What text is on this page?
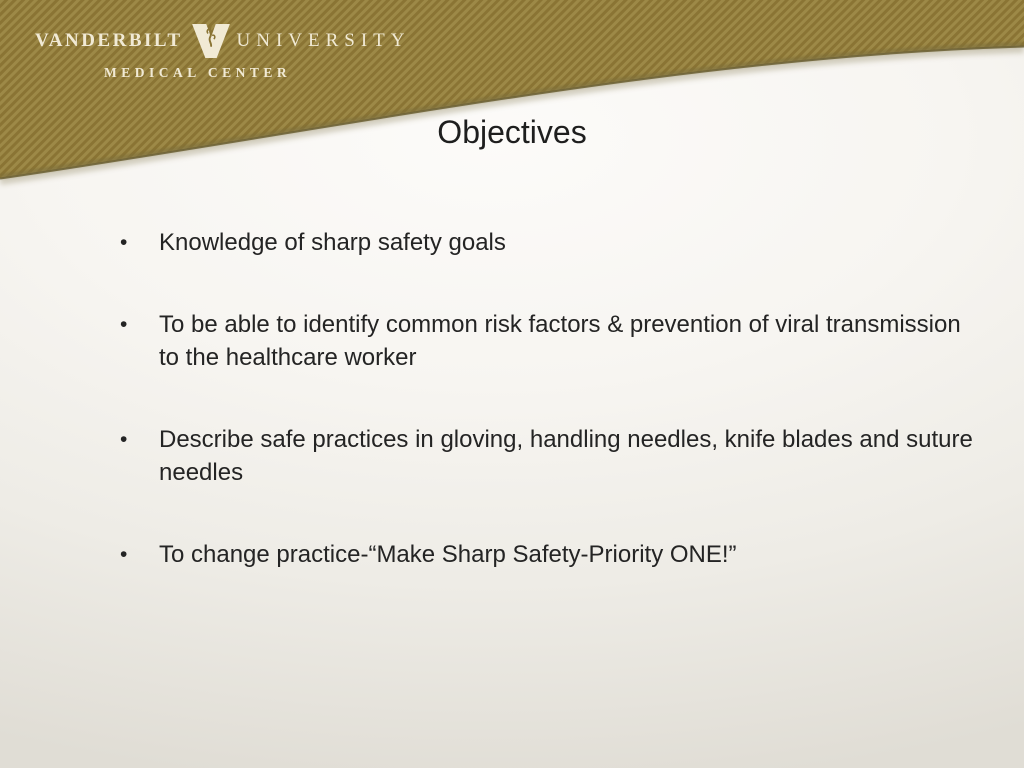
VANDERBILT	UNIVERSITY
MEDICAL CENTER
Objectives
•	Knowledge of sharp safety goals
•	To be able to identify common risk factors & prevention of viral transmission to the healthcare worker
•	Describe safe practices in gloving, handling needles, knife blades and suture needles
•	To change practice-“Make Sharp Safety-Priority ONE!”
